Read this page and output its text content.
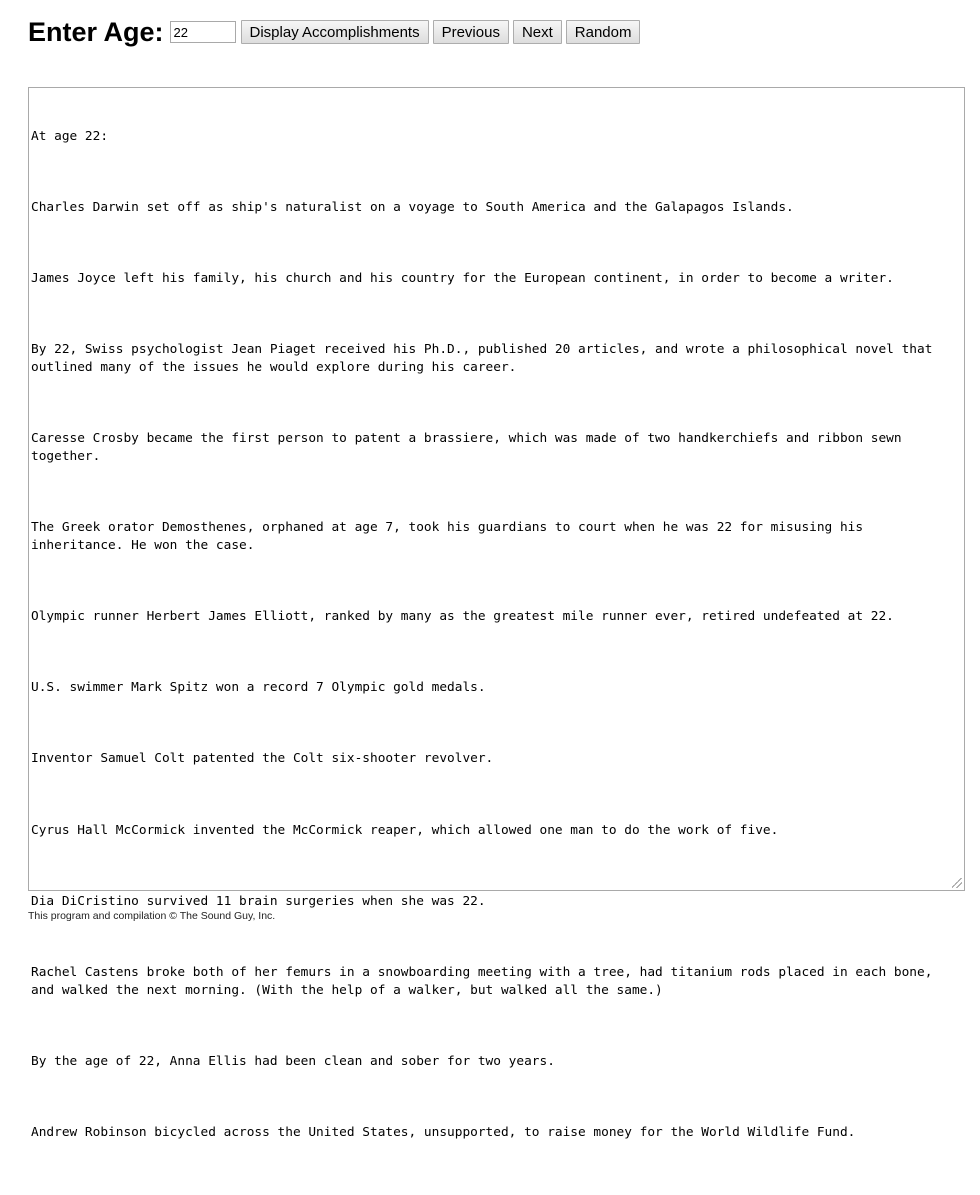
Enter Age:
22	Display Accomplishments	Previous	Next	Random

At age 22:

Charles Darwin set off as ship's naturalist on a voyage to South America and the Galapagos Islands.

James Joyce left his family, his church and his country for the European continent, in order to become a writer.

By 22, Swiss psychologist Jean Piaget received his Ph.D., published 20 articles, and wrote a philosophical novel that outlined many of the issues he would explore during his career.

Caresse Crosby became the first person to patent a brassiere, which was made of two handkerchiefs and ribbon sewn together.

The Greek orator Demosthenes, orphaned at age 7, took his guardians to court when he was 22 for misusing his inheritance. He won the case.

Olympic runner Herbert James Elliott, ranked by many as the greatest mile runner ever, retired undefeated at 22.

U.S. swimmer Mark Spitz won a record 7 Olympic gold medals.

Inventor Samuel Colt patented the Colt six-shooter revolver.

Cyrus Hall McCormick invented the McCormick reaper, which allowed one man to do the work of five.

Dia DiCristino survived 11 brain surgeries when she was 22.

Rachel Castens broke both of her femurs in a snowboarding meeting with a tree, had titanium rods placed in each bone, and walked the next morning. (With the help of a walker, but walked all the same.)

By the age of 22, Anna Ellis had been clean and sober for two years.

Andrew Robinson bicycled across the United States, unsupported, to raise money for the World Wildlife Fund.

This program and compilation © The Sound Guy, Inc.
